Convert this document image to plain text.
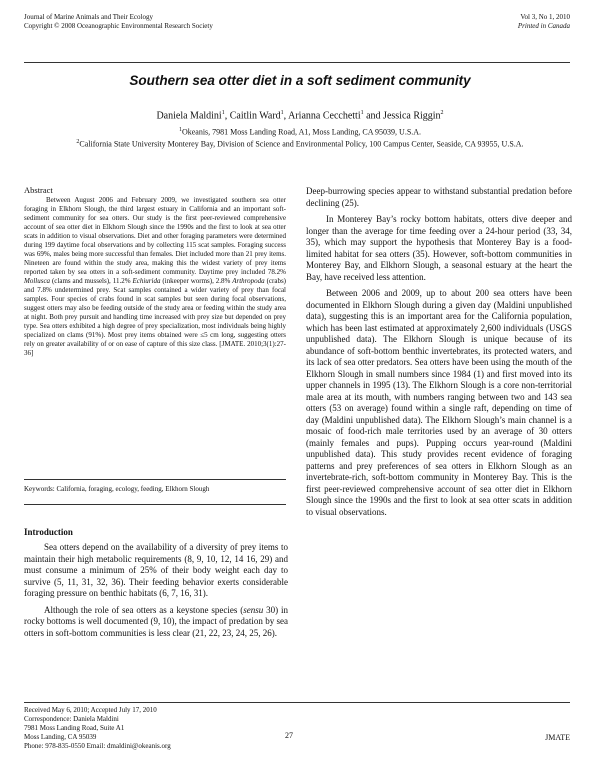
Journal of Marine Animals and Their Ecology
Copyright © 2008 Oceanographic Environmental Research Society
Vol 3, No 1, 2010
Printed in Canada
Southern sea otter diet in a soft sediment community
Daniela Maldini$^1$, Caitlin Ward$^1$, Arianna Cecchetti$^1$ and Jessica Riggin$^2$
$^1$Okeanis, 7981 Moss Landing Road, A1, Moss Landing, CA 95039, U.S.A.
$^2$California State University Monterey Bay, Division of Science and Environmental Policy, 100 Campus Center, Seaside, CA 93955, U.S.A.
Abstract

Between August 2006 and February 2009, we investigated southern sea otter foraging in Elkhorn Slough, the third largest estuary in California and an important soft-sediment community for sea otters. Our study is the first peer-reviewed comprehensive account of sea otter diet in Elkhorn Slough since the 1990s and the first to look at sea otter scats in addition to visual observations. Diet and other foraging parameters were determined during 199 daytime focal observations and by collecting 115 scat samples. Foraging success was 69%, males being more successful than females. Diet included more than 21 prey items. Nineteen are found within the study area, making this the widest variety of prey items reported taken by sea otters in a soft-sediment community. Daytime prey included 78.2% Mollusca (clams and mussels), 11.2% Echiurida (inkeeper worms), 2.8% Arthropoda (crabs) and 7.8% undetermined prey. Scat samples contained a wider variety of prey than focal samples. Four species of crabs found in scat samples but seen during focal observations, suggest otters may also be feeding outside of the study area or feeding within the study area at night. Both prey pursuit and handling time increased with prey size but depended on prey type. Sea otters exhibited a high degree of prey specialization, most individuals being highly specialized on clams (91%). Most prey items obtained were ≤5 cm long, suggesting otters rely on greater availability of or on ease of capture of this size class. [JMATE. 2010;3(1):27-36]

Keywords: California, foraging, ecology, feeding, Elkhorn Slough
Introduction

Sea otters depend on the availability of a diversity of prey items to maintain their high metabolic requirements (8, 9, 10, 12, 14 16, 29) and must consume a minimum of 25% of their body weight each day to survive (5, 11, 31, 32, 36). Their feeding behavior exerts considerable foraging pressure on benthic habitats (6, 7, 16, 31).

Although the role of sea otters as a keystone species (sensu 30) in rocky bottoms is well documented (9, 10), the impact of predation by sea otters in soft-bottom communities is less clear (21, 22, 23, 24, 25, 26).

Deep-burrowing species appear to withstand substantial predation before declining (25).

In Monterey Bay’s rocky bottom habitats, otters dive deeper and longer than the average for time feeding over a 24-hour period (33, 34, 35), which may support the hypothesis that Monterey Bay is a food-limited habitat for sea otters (35). However, soft-bottom communities in Monterey Bay, and Elkhorn Slough, a seasonal estuary at the heart the Bay, have received less attention.

Between 2006 and 2009, up to about 200 sea otters have been documented in Elkhorn Slough during a given day (Maldini unpublished data), suggesting this is an important area for the California population, which has been last estimated at approximately 2,600 individuals (USGS unpublished data). The Elkhorn Slough is unique because of its abundance of soft-bottom benthic invertebrates, its protected waters, and its lack of sea otter predators. Sea otters have been using the mouth of the Elkhorn Slough in small numbers since 1984 (1) and first moved into its upper channels in 1995 (13). The Elkhorn Slough is a core non-territorial male area at its mouth, with numbers ranging between two and 143 sea otters (53 on average) found within a single raft, depending on time of day (Maldini unpublished data). The Elkhorn Slough’s main channel is a mosaic of food-rich male territories used by an average of 30 otters (mainly females and pups). Pupping occurs year-round (Maldini unpublished data). This study provides recent evidence of foraging patterns and prey preferences of sea otters in Elkhorn Slough as an invertebrate-rich, soft-bottom community in Monterey Bay. This is the first peer-reviewed comprehensive account of sea otter diet in Elkhorn Slough since the 1990s and the first to look at sea otter scats in addition to visual observations.

Received May 6, 2010; Accepted July 17, 2010
Correspondence: Daniela Maldini
7981 Moss Landing Road, Suite A1
Moss Landing, CA 95039
Phone: 978-835-0550 Email: dmaldini@okeanis.org
27	JMATE
